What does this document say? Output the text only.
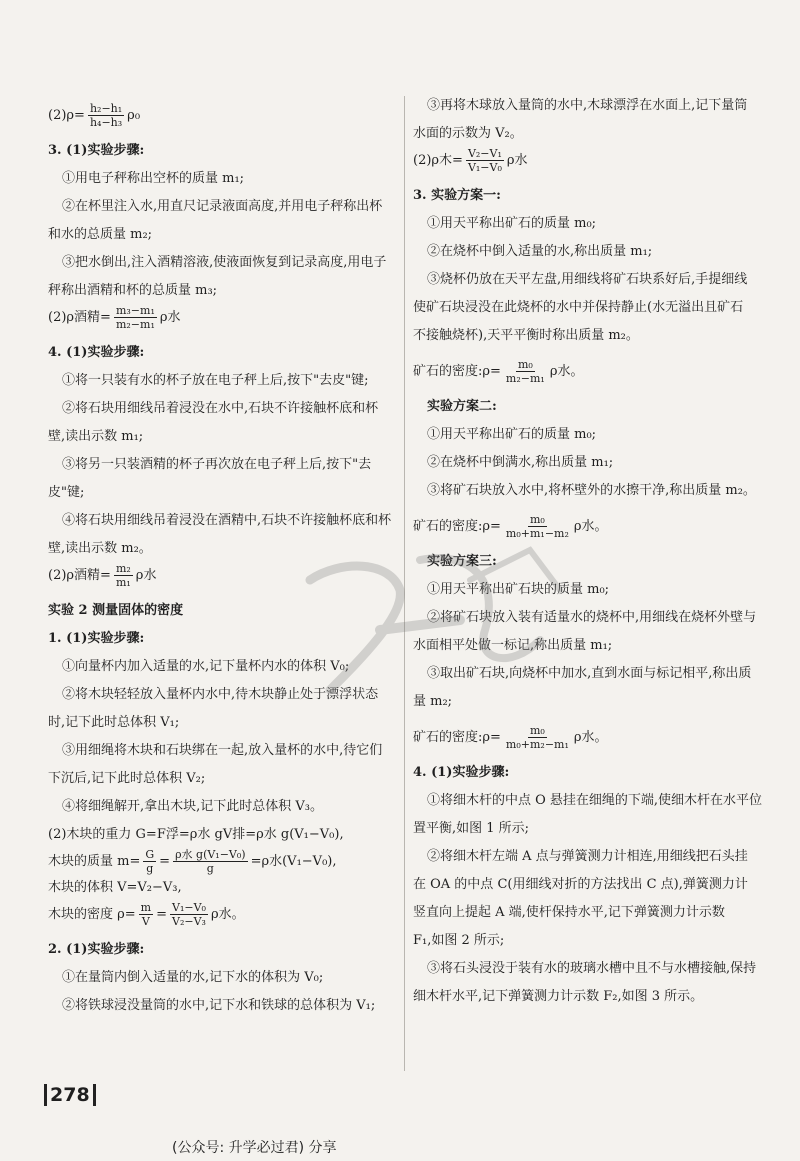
$(2)\rho= \frac{\text{h₂−h₁}}{\text{h₄−h₃}} \rho_0$

3. (1)实验步骤:

①用电子秤称出空杯的质量 m₁;

②在杯里注入水,用直尺记录液面高度,并用电子秤称出杯

和水的总质量 m₂;

③把水倒出,注入酒精溶液,使液面恢复到记录高度,用电子

秤称出酒精和杯的总质量 m₃;

(2)ρ酒精= $\frac{\text{m₃−m₁}}{\text{m₂−m₁}}$ ρ水

4. (1)实验步骤:

①将一只装有水的杯子放在电子秤上后,按下"去皮"键;

②将石块用细线吊着浸没在水中,石块不许接触杯底和杯

壁,读出示数 m₁;

③将另一只装酒精的杯子再次放在电子秤上后,按下"去

皮"键;

④将石块用细线吊着浸没在酒精中,石块不许接触杯底和杯

壁,读出示数 m₂。

(2)ρ酒精= $\frac{\text{m₂}}{\text{m₁}}$ ρ水

实验 2 测量固体的密度

1. (1)实验步骤:

①向量杯内加入适量的水,记下量杯内水的体积 V₀;

②将木块轻轻放入量杯内水中,待木块静止处于漂浮状态

时,记下此时总体积 V₁;

③用细绳将木块和石块绑在一起,放入量杯的水中,待它们

下沉后,记下此时总体积 V₂;

④将细绳解开,拿出木块,记下此时总体积 V₃。

(2)木块的重力 G=F浮=ρ水 gV排=ρ水 g(V₁−V₀),

木块的质量 $m= \frac{G}{g} = \frac{\text{ρ水 g(V₁−V₀)}}{g} =\rho$水(V₁−V₀),

木块的体积 V=V₂−V₃,

木块的密度 $\rho= \frac{m}{V} = \frac{\text{V₁−V₀}}{\text{V₂−V₃}}$ ρ水。

2. (1)实验步骤:

①在量筒内倒入适量的水,记下水的体积为 V₀;

②将铁球浸没量筒的水中,记下水和铁球的总体积为 V₁;

③再将木球放入量筒的水中,木球漂浮在水面上,记下量筒

水面的示数为 V₂。

(2)ρ木= $\frac{\text{V₂−V₁}}{\text{V₁−V₀}}$ ρ水

3. 实验方案一:

①用天平称出矿石的质量 m₀;

②在烧杯中倒入适量的水,称出质量 m₁;

③烧杯仍放在天平左盘,用细线将矿石块系好后,手提细线

使矿石块浸没在此烧杯的水中并保持静止(水无溢出且矿石

不接触烧杯),天平平衡时称出质量 m₂。

矿石的密度:ρ= $\frac{\text{m₀}}{\text{m₂−m₁}}$ ρ水。

实验方案二:

①用天平称出矿石的质量 m₀;

②在烧杯中倒满水,称出质量 m₁;

③将矿石块放入水中,将杯壁外的水擦干净,称出质量 m₂。

矿石的密度:ρ= $\frac{\text{m₀}}{\text{m₀+m₁−m₂}}$ ρ水。

实验方案三:

①用天平称出矿石块的质量 m₀;

②将矿石块放入装有适量水的烧杯中,用细线在烧杯外壁与

水面相平处做一标记,称出质量 m₁;

③取出矿石块,向烧杯中加水,直到水面与标记相平,称出质

量 m₂;

矿石的密度:ρ= $\frac{\text{m₀}}{\text{m₀+m₂−m₁}}$ ρ水。

4. (1)实验步骤:

①将细木杆的中点 O 悬挂在细绳的下端,使细木杆在水平位

置平衡,如图 1 所示;

②将细木杆左端 A 点与弹簧测力计相连,用细线把石头挂

在 OA 的中点 C(用细线对折的方法找出 C 点),弹簧测力计

竖直向上提起 A 端,使杆保持水平,记下弹簧测力计示数

F₁,如图 2 所示;

③将石头浸没于装有水的玻璃水槽中且不与水槽接触,保持

细木杆水平,记下弹簧测力计示数 F₂,如图 3 所示。

278
(公众号: 升学必过君) 分享
